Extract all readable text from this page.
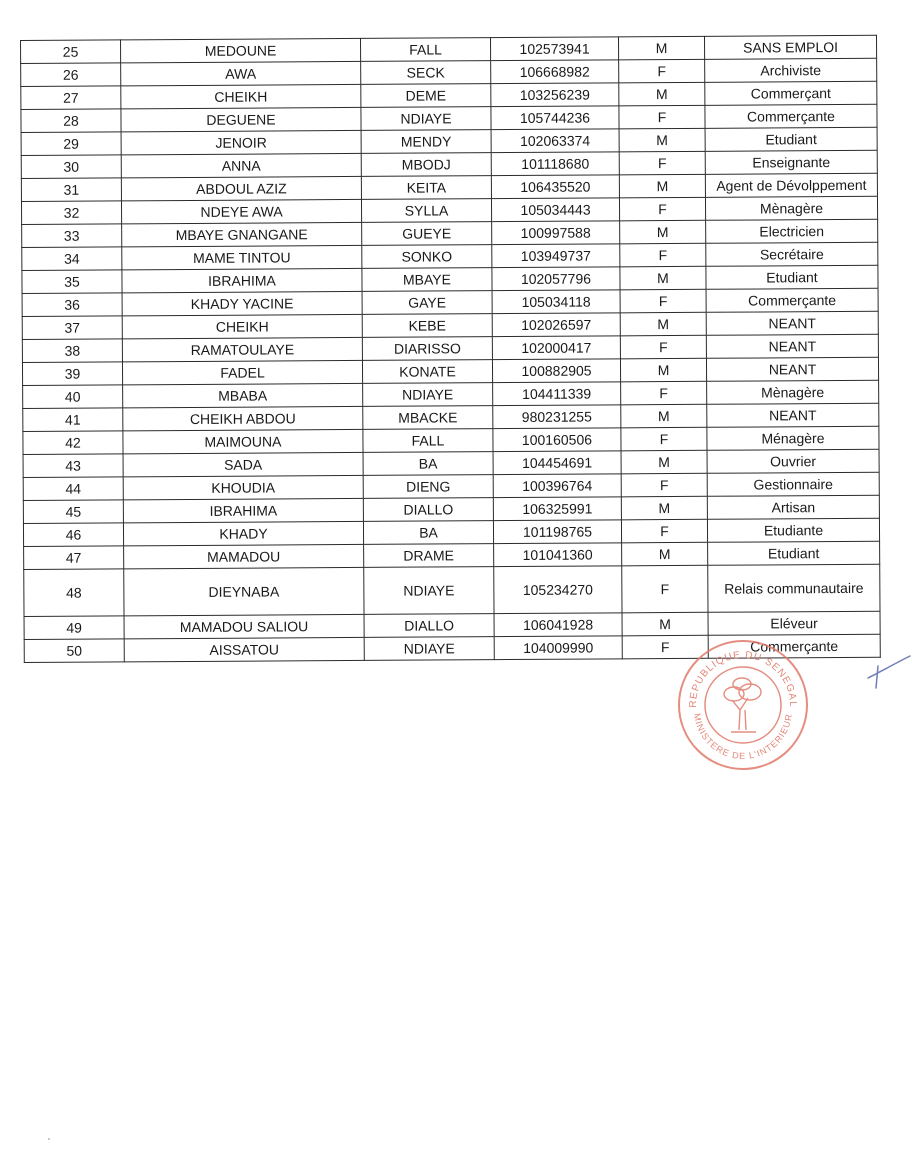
25	MEDOUNE	FALL	102573941	M	SANS EMPLOI
26	AWA	SECK	106668982	F	Archiviste
27	CHEIKH	DEME	103256239	M	Commerçant
28	DEGUENE	NDIAYE	105744236	F	Commerçante
29	JENOIR	MENDY	102063374	M	Etudiant
30	ANNA	MBODJ	101118680	F	Enseignante
31	ABDOUL AZIZ	KEITA	106435520	M	Agent de Dévolppement
32	NDEYE AWA	SYLLA	105034443	F	Mènagère
33	MBAYE GNANGANE	GUEYE	100997588	M	Electricien
34	MAME TINTOU	SONKO	103949737	F	Secrétaire
35	IBRAHIMA	MBAYE	102057796	M	Etudiant
36	KHADY YACINE	GAYE	105034118	F	Commerçante
37	CHEIKH	KEBE	102026597	M	NEANT
38	RAMATOULAYE	DIARISSO	102000417	F	NEANT
39	FADEL	KONATE	100882905	M	NEANT
40	MBABA	NDIAYE	104411339	F	Mènagère
41	CHEIKH ABDOU	MBACKE	980231255	M	NEANT
42	MAIMOUNA	FALL	100160506	F	Ménagère
43	SADA	BA	104454691	M	Ouvrier
44	KHOUDIA	DIENG	100396764	F	Gestionnaire
45	IBRAHIMA	DIALLO	106325991	M	Artisan
46	KHADY	BA	101198765	F	Etudiante
47	MAMADOU	DRAME	101041360	M	Etudiant
48	DIEYNABA	NDIAYE	105234270	F	Relais communautaire
49	MAMADOU SALIOU	DIALLO	106041928	M	Eléveur
50	AISSATOU	NDIAYE	104009990	F	Commerçante
REPUBLIQUE DU SENEGAL
MINISTERE DE L'INTERIEUR
